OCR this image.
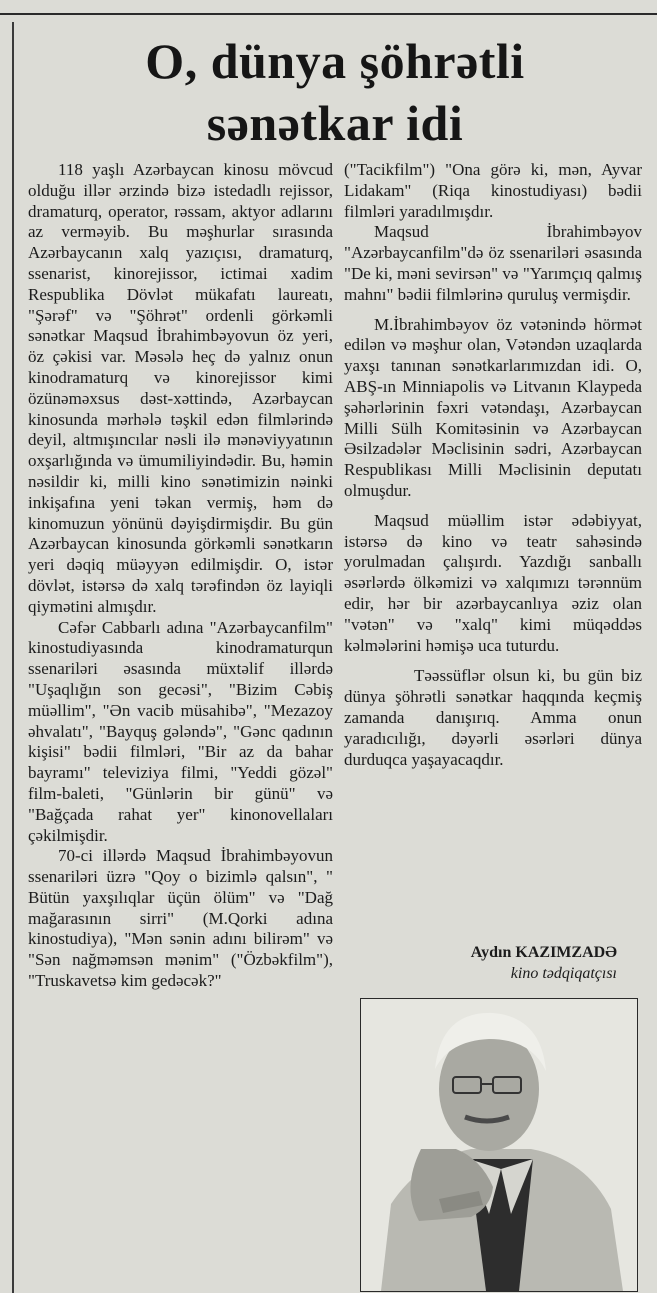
O, dünya şöhrətli
sənətkar idi

118 yaşlı Azərbaycan kinosu mövcud olduğu illər ərzində bizə istedadlı rejissor, dramaturq, operator, rəssam, aktyor adlarını az verməyib. Bu məşhurlar sırasında Azərbaycanın xalq yazıçısı, dramaturq, ssenarist, kinorejissor, ictimai xadim Respublika Dövlət mükafatı laureatı, "Şərəf" və "Şöhrət" ordenli görkəmli sənətkar Maqsud İbrahimbəyovun öz yeri, öz çəkisi var. Məsələ heç də yalnız onun kinodramaturq və kinorejissor kimi özünəməxsus dəst-xəttində, Azərbaycan kinosunda mərhələ təşkil edən filmlərində deyil, altmışıncılar nəsli ilə mənəviyyatının oxşarlığında və ümumiliyindədir. Bu, həmin nəsildir ki, milli kino sənətimizin nəinki inkişafına yeni təkan vermiş, həm də kinomuzun yönünü dəyişdirmişdir. Bu gün Azərbaycan kinosunda görkəmli sənətkarın yeri dəqiq müəyyən edilmişdir. O, istər dövlət, istərsə də xalq tərəfindən öz layiqli qiymətini almışdır.

Cəfər Cabbarlı adına "Azərbaycanfilm" kinostudiyasında kinodramaturqun ssenariləri əsasında müxtəlif illərdə "Uşaqlığın son gecəsi", "Bizim Cəbiş müəllim", "Ən vacib müsahibə", "Mezazoy əhvalatı", "Bayquş gələndə", "Gənc qadının kişisi" bədii filmləri, "Bir az da bahar bayramı" televiziya filmi, "Yeddi gözəl" film-baleti, "Günlərin bir günü" və "Bağçada rahat yer" kinonovellaları çəkilmişdir.

70-ci illərdə Maqsud İbrahimbəyovun ssenariləri üzrə "Qoy o bizimlə qalsın", " Bütün yaxşılıqlar üçün ölüm" və "Dağ mağarasının sirri" (M.Qorki adına kinostudiya), "Mən sənin adını bilirəm" və "Sən nağməmsən mənim" ("Özbəkfilm"), "Truskavetsə kim gedəcək?"

("Tacikfilm") "Ona görə ki, mən, Ayvar Lidakam" (Riqa kinostudiyası) bədii filmləri yaradılmışdır.

Maqsud İbrahimbəyov "Azərbaycanfilm"də öz ssenariləri əsasında "De ki, məni sevirsən" və "Yarımçıq qalmış mahnı" bədii filmlərinə quruluş vermişdir.

M.İbrahimbəyov öz vətənində hörmət edilən və məşhur olan, Vətəndən uzaqlarda yaxşı tanınan sənətkarlarımızdan idi. O, ABŞ-ın Minniapolis və Litvanın Klaypeda şəhərlərinin fəxri vətəndaşı, Azərbaycan Milli Sülh Komitəsinin və Azərbaycan Əsilzadələr Məclisinin sədri, Azərbaycan Respublikası Milli Məclisinin deputatı olmuşdur.

Maqsud müəllim istər ədəbiyyat, istərsə də kino və teatr sahəsində yorulmadan çalışırdı. Yazdığı sanballı əsərlərdə ölkəmizi və xalqımızı tərənnüm edir, hər bir azərbaycanlıya əziz olan "vətən" və "xalq" kimi müqəddəs kəlmələrini həmişə uca tuturdu.

Təəssüflər olsun ki, bu gün biz dünya şöhrətli sənətkar haqqında keçmiş zamanda danışırıq. Amma onun yaradıcılığı, dəyərli əsərləri dünya durduqca yaşayacaqdır.

Aydın KAZIMZADƏ
kino tədqiqatçısı
